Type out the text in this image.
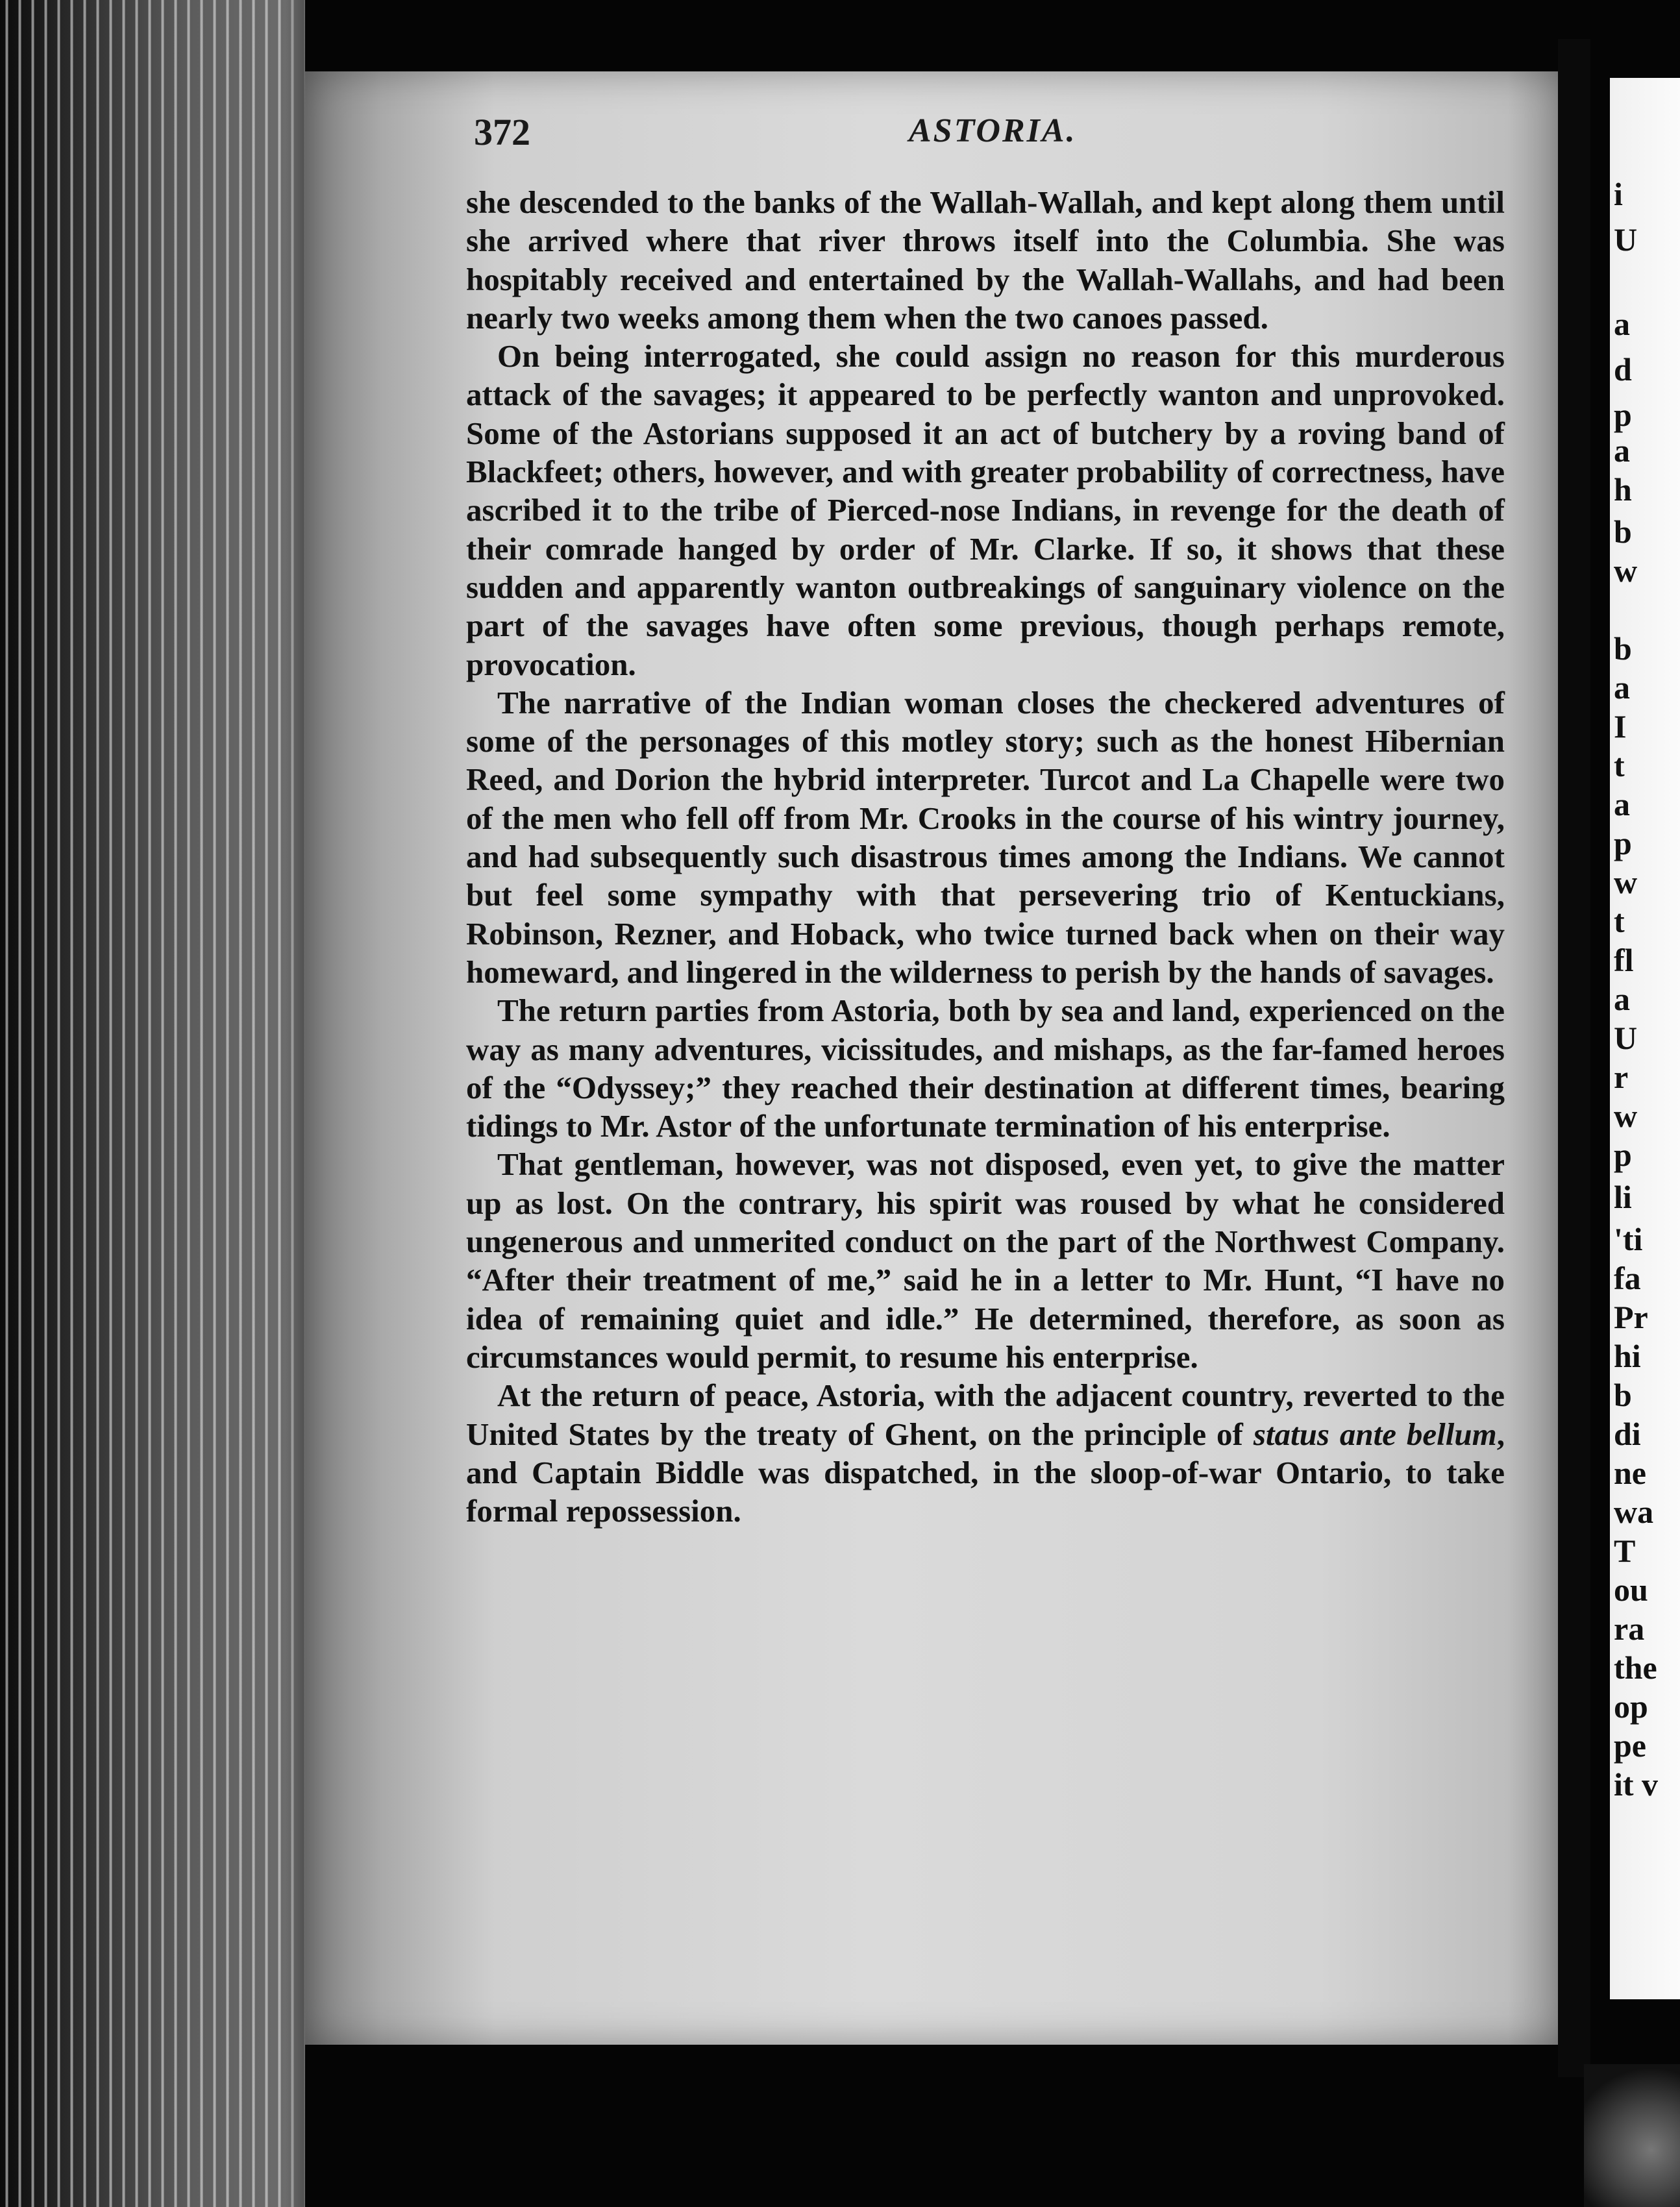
i
U
a
d
p
a
h
b
w
b
a
I
t
a
p
w
t
fl
a
U
r
w
p
li
'ti
fa
Pr
hi
b
di
ne
wa
T
ou
ra
the
op
pe
it v
372	ASTORIA.

she descended to the banks of the Wallah-Wallah, and kept along them until she arrived where that river throws itself into the Columbia. She was hospitably received and entertained by the Wallah-Wallahs, and had been nearly two weeks among them when the two canoes passed.

On being interrogated, she could assign no reason for this murderous attack of the savages; it appeared to be perfectly wanton and unprovoked. Some of the Astorians supposed it an act of butchery by a roving band of Blackfeet; others, however, and with greater probability of correctness, have ascribed it to the tribe of Pierced-nose Indians, in revenge for the death of their comrade hanged by order of Mr. Clarke. If so, it shows that these sudden and apparently wanton outbreakings of sanguinary violence on the part of the savages have often some previous, though perhaps remote, provocation.

The narrative of the Indian woman closes the checkered adventures of some of the personages of this motley story; such as the honest Hibernian Reed, and Dorion the hybrid interpreter. Turcot and La Chapelle were two of the men who fell off from Mr. Crooks in the course of his wintry journey, and had subsequently such disastrous times among the Indians. We cannot but feel some sympathy with that persevering trio of Kentuckians, Robinson, Rezner, and Hoback, who twice turned back when on their way homeward, and lingered in the wilderness to perish by the hands of savages.

The return parties from Astoria, both by sea and land, experienced on the way as many adventures, vicissitudes, and mishaps, as the far-famed heroes of the “Odyssey;” they reached their destination at different times, bearing tidings to Mr. Astor of the unfortunate termination of his enterprise.

That gentleman, however, was not disposed, even yet, to give the matter up as lost. On the contrary, his spirit was roused by what he considered ungenerous and unmerited conduct on the part of the Northwest Company. “After their treatment of me,” said he in a letter to Mr. Hunt, “I have no idea of remaining quiet and idle.” He determined, therefore, as soon as circumstances would permit, to resume his enterprise.

At the return of peace, Astoria, with the adjacent country, reverted to the United States by the treaty of Ghent, on the principle of status ante bellum, and Captain Biddle was dispatched, in the sloop-of-war Ontario, to take formal repossession.
